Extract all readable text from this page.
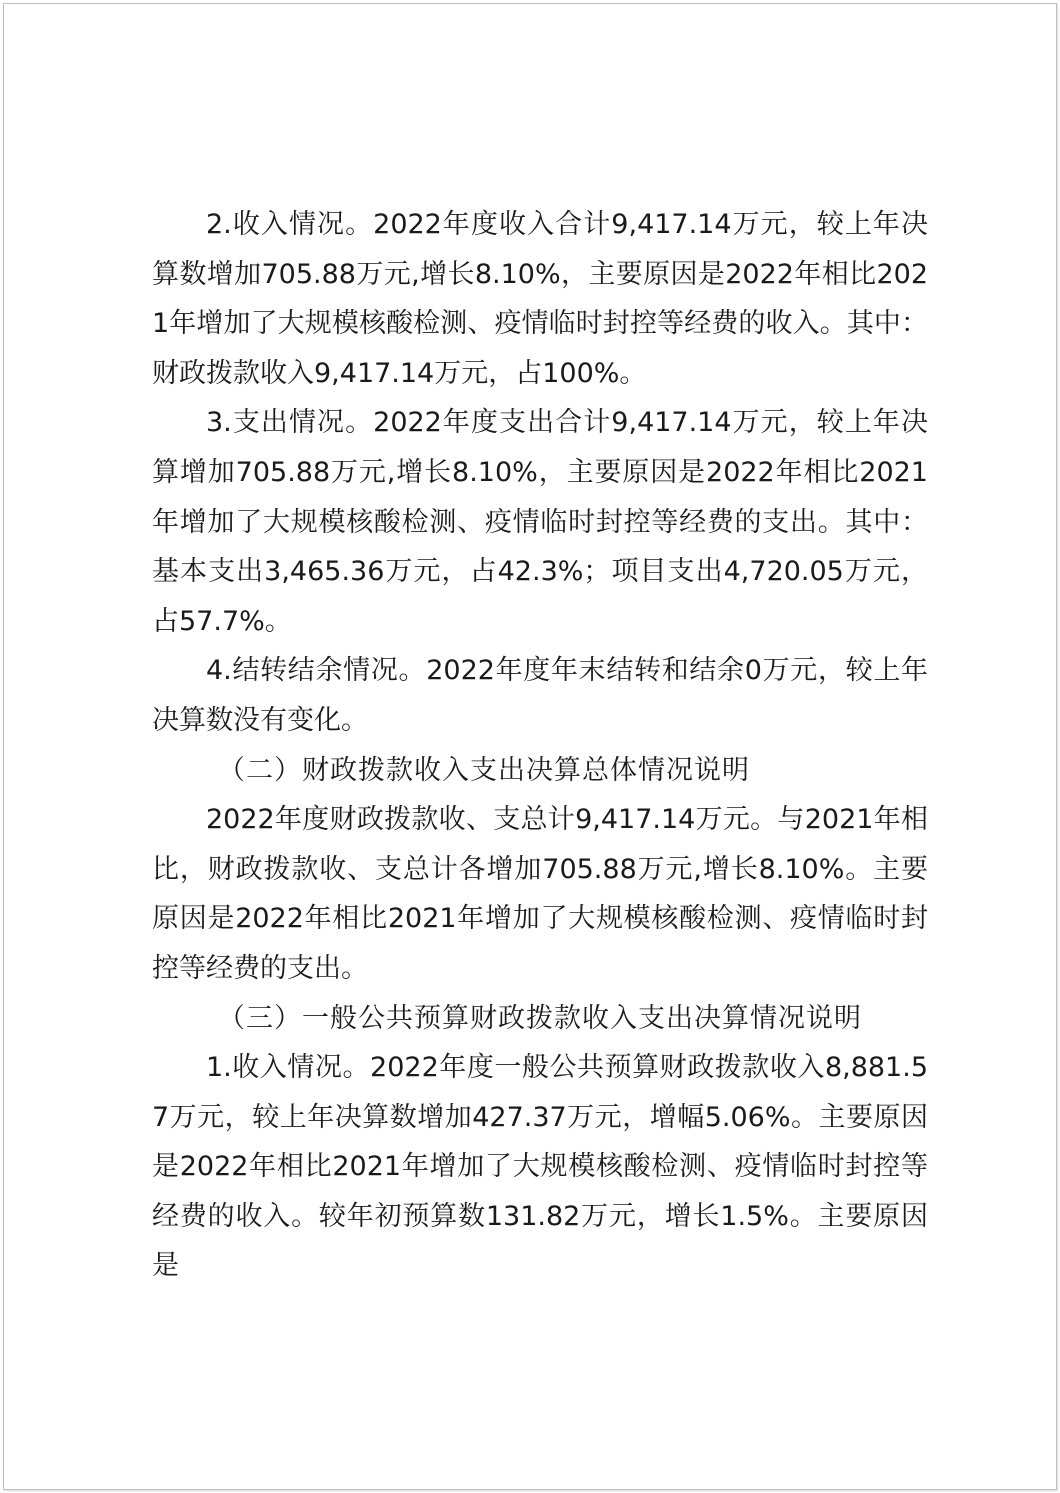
2.收入情况。2022年度收入合计9,417.14万元，较上年决算数增加705.88万元,增长8.10%，主要原因是2022年相比2021年增加了大规模核酸检测、疫情临时封控等经费的收入。其中：财政拨款收入9,417.14万元，占100%。

3.支出情况。2022年度支出合计9,417.14万元，较上年决算增加705.88万元,增长8.10%，主要原因是2022年相比2021年增加了大规模核酸检测、疫情临时封控等经费的支出。其中：基本支出3,465.36万元，占42.3%；项目支出4,720.05万元，占57.7%。

4.结转结余情况。2022年度年末结转和结余0万元，较上年决算数没有变化。

（二）财政拨款收入支出决算总体情况说明

2022年度财政拨款收、支总计9,417.14万元。与2021年相比，财政拨款收、支总计各增加705.88万元,增长8.10%。主要原因是2022年相比2021年增加了大规模核酸检测、疫情临时封控等经费的支出。

（三）一般公共预算财政拨款收入支出决算情况说明

1.收入情况。2022年度一般公共预算财政拨款收入8,881.57万元，较上年决算数增加427.37万元，增幅5.06%。主要原因是2022年相比2021年增加了大规模核酸检测、疫情临时封控等经费的收入。较年初预算数131.82万元，增长1.5%。主要原因是
